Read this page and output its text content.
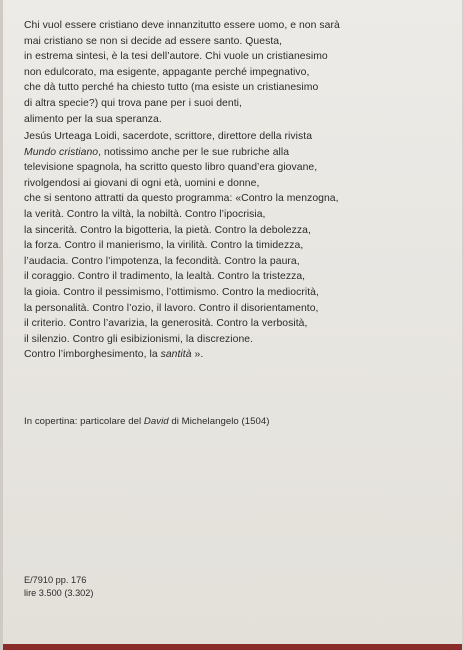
Chi vuol essere cristiano deve innanzitutto essere uomo, e non sarà
mai cristiano se non si decide ad essere santo. Questa,
in estrema sintesi, è la tesi dell’autore. Chi vuole un cristianesimo
non edulcorato, ma esigente, appagante perché impegnativo,
che dà tutto perché ha chiesto tutto (ma esiste un cristianesimo
di altra specie?) qui trova pane per i suoi denti,
alimento per la sua speranza.
Jesús Urteaga Loidi, sacerdote, scrittore, direttore della rivista
Mundo cristiano, notissimo anche per le sue rubriche alla
televisione spagnola, ha scritto questo libro quand’era giovane,
rivolgendosi ai giovani di ogni età, uomini e donne,
che si sentono attratti da questo programma: «Contro la menzogna,
la verità. Contro la viltà, la nobiltà. Contro l’ipocrisia,
la sincerità. Contro la bigotteria, la pietà. Contro la debolezza,
la forza. Contro il manierismo, la virilità. Contro la timidezza,
l’audacia. Contro l’impotenza, la fecondità. Contro la paura,
il coraggio. Contro il tradimento, la lealtà. Contro la tristezza,
la gioia. Contro il pessimismo, l’ottimismo. Contro la mediocrità,
la personalità. Contro l’ozio, il lavoro. Contro il disorientamento,
il criterio. Contro l’avarizia, la generosità. Contro la verbosità,
il silenzio. Contro gli esibizionismi, la discrezione.
Contro l’imborghesimento, la santità ».
In copertina: particolare del David di Michelangelo (1504)
E/7910 pp. 176
lire 3.500 (3.302)
